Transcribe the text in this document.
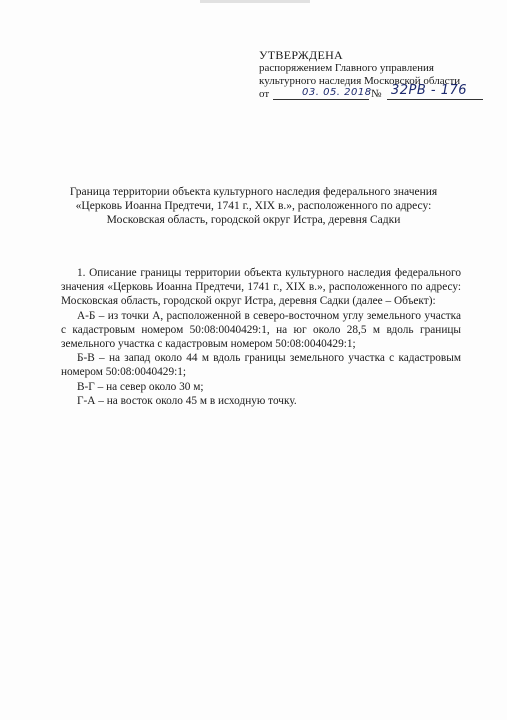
УТВЕРЖДЕНА
распоряжением Главного управления
культурного наследия Московской области
от	03. 05. 2018 № 32РВ - 176
Граница территории объекта культурного наследия федерального значения
«Церковь Иоанна Предтечи, 1741 г., XIX в.», расположенного по адресу:
Московская область, городской округ Истра, деревня Садки

1. Описание границы территории объекта культурного наследия федерального значения «Церковь Иоанна Предтечи, 1741 г., XIX в.», расположенного по адресу: Московская область, городской округ Истра, деревня Садки (далее – Объект):

А-Б – из точки А, расположенной в северо-восточном углу земельного участка с кадастровым номером 50:08:0040429:1, на юг около 28,5 м вдоль границы земельного участка с кадастровым номером 50:08:0040429:1;

Б-В – на запад около 44 м вдоль границы земельного участка с кадастровым номером 50:08:0040429:1;

В-Г – на север около 30 м;

Г-А – на восток около 45 м в исходную точку.
